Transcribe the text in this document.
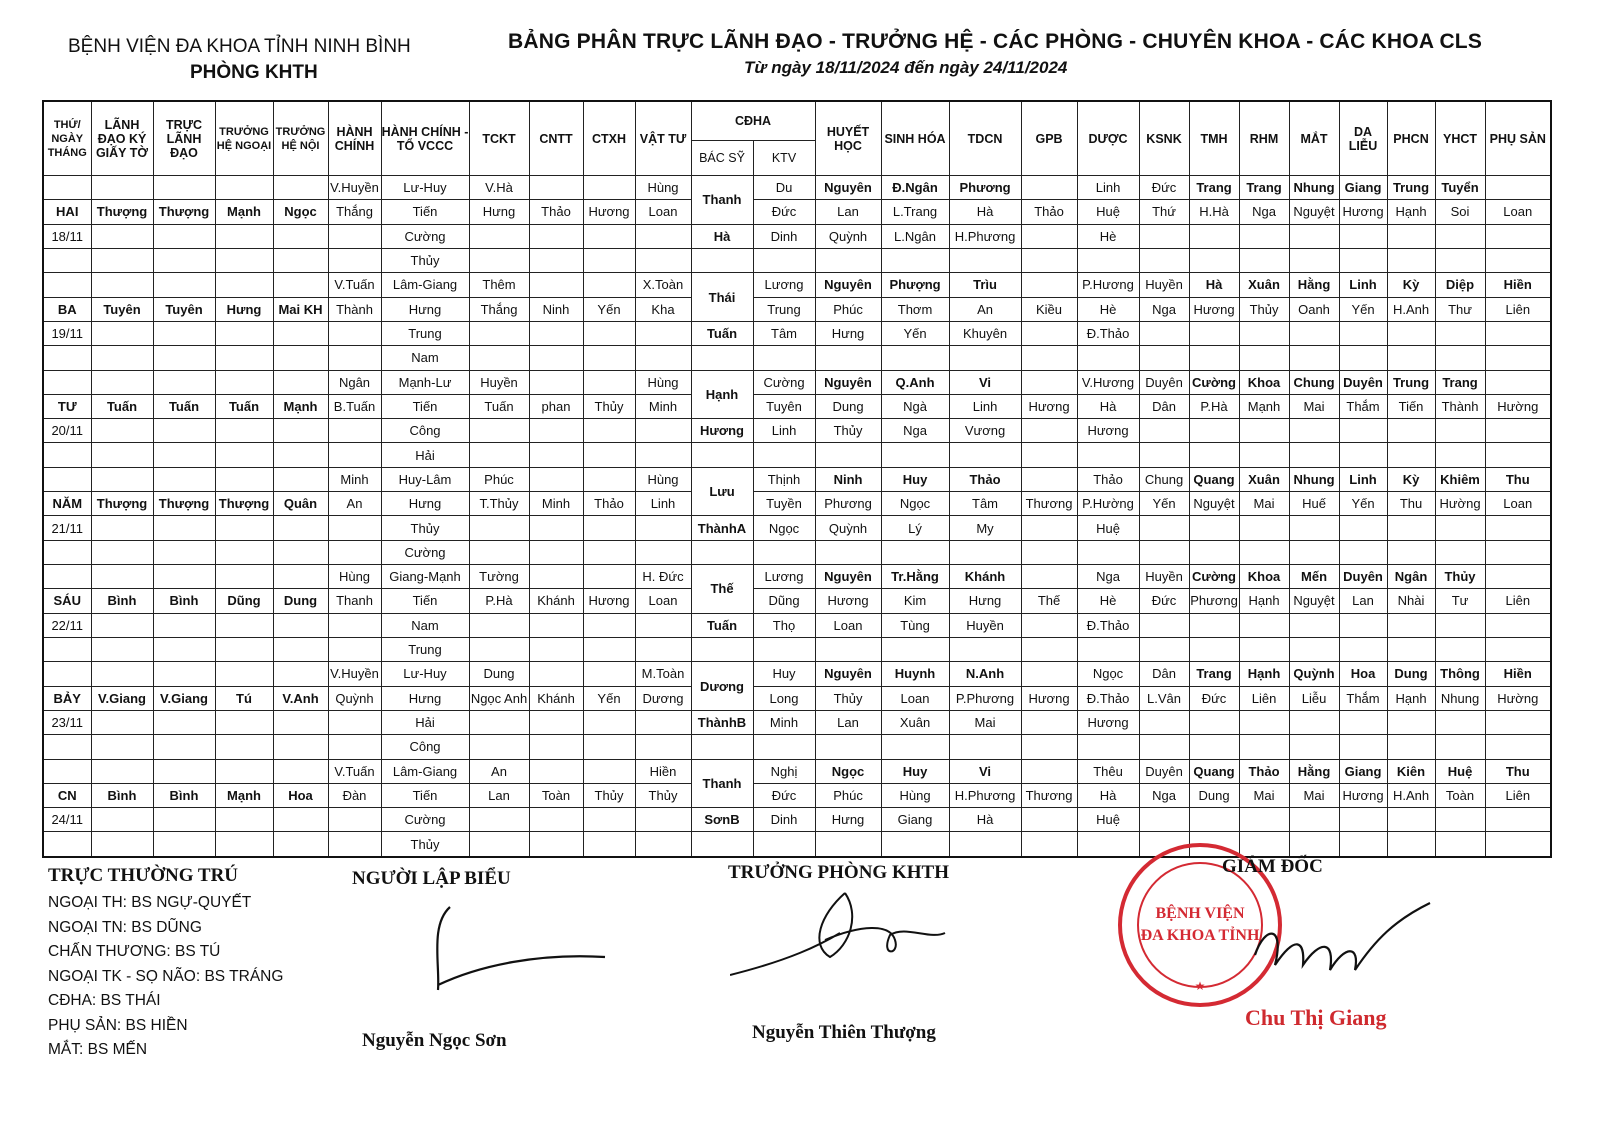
BỆNH VIỆN ĐA KHOA TỈNH NINH BÌNH
PHÒNG KHTH
BẢNG PHÂN TRỰC LÃNH ĐẠO - TRƯỞNG HỆ - CÁC PHÒNG - CHUYÊN KHOA - CÁC KHOA CLS
Từ ngày 18/11/2024 đến ngày 24/11/2024
THỨ/ NGÀY THÁNG	LÃNH ĐẠO KÝ GIẤY TỜ	TRỰC LÃNH ĐẠO	TRƯỞNG HỆ NGOẠI	TRƯỞNG HỆ NỘI	HÀNH CHÍNH	HÀNH CHÍNH - TỔ VCCC	TCKT	CNTT	CTXH	VẬT TƯ	CĐHA		HUYẾT HỌC	SINH HÓA	TDCN	GPB	DƯỢC	KSNK	TMH	RHM	MẮT	DA LIỄU	PHCN	YHCT	PHỤ SẢN
											BÁC SỸ	KTV													
					V.Huyền	Lư-Huy	V.Hà			Hùng	Thanh	Du	Nguyên	Đ.Ngân	Phương		Linh	Đức	Trang	Trang	Nhung	Giang	Trung	Tuyển	
HAI	Thượng	Thượng	Mạnh	Ngọc	Thắng	Tiến	Hưng	Thảo	Hương	Loan		Đức	Lan	L.Trang	Hà	Thảo	Huệ	Thứ	H.Hà	Nga	Nguyệt	Hương	Hạnh	Soi	Loan
18/11						Cường					Hà	Dinh	Quỳnh	L.Ngân	H.Phương		Hè								
						Thủy																			
					V.Tuấn	Lâm-Giang	Thêm			X.Toàn	Thái	Lương	Nguyên	Phượng	Trìu		P.Hương	Huyền	Hà	Xuân	Hằng	Linh	Kỳ	Diệp	Hiền
BA	Tuyên	Tuyên	Hưng	Mai KH	Thành	Hưng	Thắng	Ninh	Yến	Kha		Trung	Phúc	Thơm	An	Kiều	Hè	Nga	Hương	Thủy	Oanh	Yến	H.Anh	Thư	Liên
19/11						Trung					Tuấn	Tâm	Hưng	Yến	Khuyên		Đ.Thảo								
						Nam																			
					Ngân	Mạnh-Lư	Huyền			Hùng	Hạnh	Cường	Nguyên	Q.Anh	Vi		V.Hương	Duyên	Cường	Khoa	Chung	Duyên	Trung	Trang	
TƯ	Tuấn	Tuấn	Tuấn	Mạnh	B.Tuấn	Tiến	Tuấn	phan	Thủy	Minh		Tuyên	Dung	Ngà	Linh	Hương	Hà	Dân	P.Hà	Mạnh	Mai	Thắm	Tiến	Thành	Hường
20/11						Công					Hương	Linh	Thủy	Nga	Vương		Hương								
						Hải																			
					Minh	Huy-Lâm	Phúc			Hùng	Lưu	Thịnh	Ninh	Huy	Thảo		Thảo	Chung	Quang	Xuân	Nhung	Linh	Kỳ	Khiêm	Thu
NĂM	Thượng	Thượng	Thượng	Quân	An	Hưng	T.Thủy	Minh	Thảo	Linh		Tuyền	Phương	Ngọc	Tâm	Thương	P.Hường	Yến	Nguyệt	Mai	Huế	Yến	Thu	Hường	Loan
21/11						Thủy					ThànhA	Ngọc	Quỳnh	Lý	My		Huệ								
						Cường																			
					Hùng	Giang-Mạnh	Tường			H. Đức	Thế	Lương	Nguyên	Tr.Hằng	Khánh		Nga	Huyền	Cường	Khoa	Mến	Duyên	Ngân	Thủy	
SÁU	Bình	Bình	Dũng	Dung	Thanh	Tiến	P.Hà	Khánh	Hương	Loan		Dũng	Hương	Kim	Hưng	Thế	Hè	Đức	Phương	Hạnh	Nguyệt	Lan	Nhài	Tư	Liên
22/11						Nam					Tuấn	Thọ	Loan	Tùng	Huyền		Đ.Thảo								
						Trung																			
					V.Huyền	Lư-Huy	Dung			M.Toàn	Dương	Huy	Nguyên	Huynh	N.Anh		Ngọc	Dân	Trang	Hạnh	Quỳnh	Hoa	Dung	Thông	Hiền
BẢY	V.Giang	V.Giang	Tú	V.Anh	Quỳnh	Hưng	Ngọc Anh	Khánh	Yến	Dương		Long	Thủy	Loan	P.Phương	Hương	Đ.Thảo	L.Vân	Đức	Liên	Liễu	Thắm	Hạnh	Nhung	Hường
23/11						Hải					ThànhB	Minh	Lan	Xuân	Mai		Hương								
						Công																			
					V.Tuấn	Lâm-Giang	An			Hiền	Thanh	Nghị	Ngọc	Huy	Vi		Thêu	Duyên	Quang	Thảo	Hằng	Giang	Kiên	Huệ	Thu
CN	Bình	Bình	Mạnh	Hoa	Đàn	Tiến	Lan	Toàn	Thủy	Thủy		Đức	Phúc	Hùng	H.Phương	Thương	Hà	Nga	Dung	Mai	Mai	Hương	H.Anh	Toàn	Liên
24/11						Cường					SơnB	Dinh	Hưng	Giang	Hà		Huệ								
						Thủy																			
TRỰC THƯỜNG TRÚ
NGOẠI TH: BS NGỰ-QUYẾT
NGOẠI TN: BS DŨNG
CHẤN THƯƠNG: BS TÚ
NGOẠI TK - SỌ NÃO: BS TRÁNG
CĐHA: BS THÁI
PHỤ SẢN: BS HIỀN
MẮT: BS MẾN
NGƯỜI LẬP BIỂU
Nguyễn Ngọc Sơn
TRƯỞNG PHÒNG KHTH
Nguyễn Thiên Thượng
BỆNH VIỆN
ĐA KHOA TỈNH
★
GIÁM ĐỐC
Chu Thị Giang
